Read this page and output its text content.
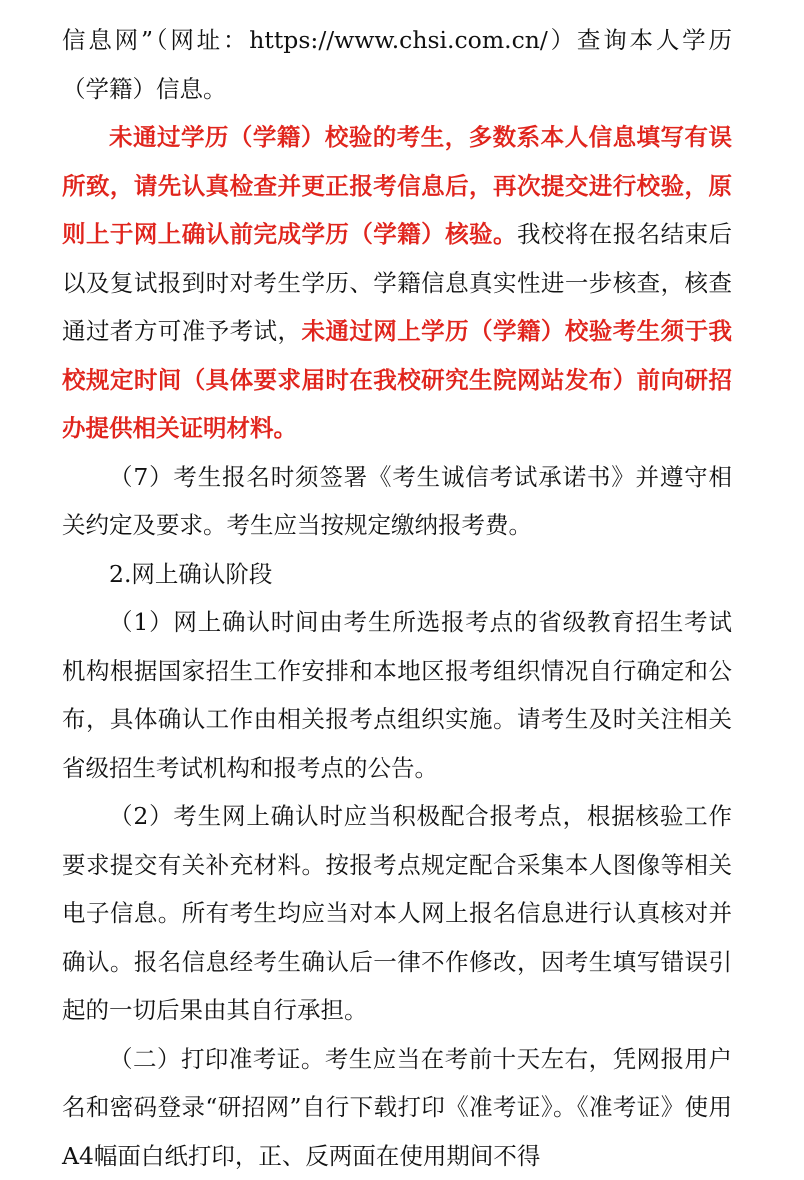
信息网”（网址：https://www.chsi.com.cn/）查询本人学历（学籍）信息。

未通过学历（学籍）校验的考生，多数系本人信息填写有误所致，请先认真检查并更正报考信息后，再次提交进行校验，原则上于网上确认前完成学历（学籍）核验。我校将在报名结束后以及复试报到时对考生学历、学籍信息真实性进一步核查，核查通过者方可准予考试，未通过网上学历（学籍）校验考生须于我校规定时间（具体要求届时在我校研究生院网站发布）前向研招办提供相关证明材料。

（7）考生报名时须签署《考生诚信考试承诺书》并遵守相关约定及要求。考生应当按规定缴纳报考费。

2.网上确认阶段

（1）网上确认时间由考生所选报考点的省级教育招生考试机构根据国家招生工作安排和本地区报考组织情况自行确定和公布，具体确认工作由相关报考点组织实施。请考生及时关注相关省级招生考试机构和报考点的公告。

（2）考生网上确认时应当积极配合报考点，根据核验工作要求提交有关补充材料。按报考点规定配合采集本人图像等相关电子信息。所有考生均应当对本人网上报名信息进行认真核对并确认。报名信息经考生确认后一律不作修改，因考生填写错误引起的一切后果由其自行承担。

（二）打印准考证。考生应当在考前十天左右，凭网报用户名和密码登录“研招网”自行下载打印《准考证》。《准考证》使用A4幅面白纸打印，正、反两面在使用期间不得
